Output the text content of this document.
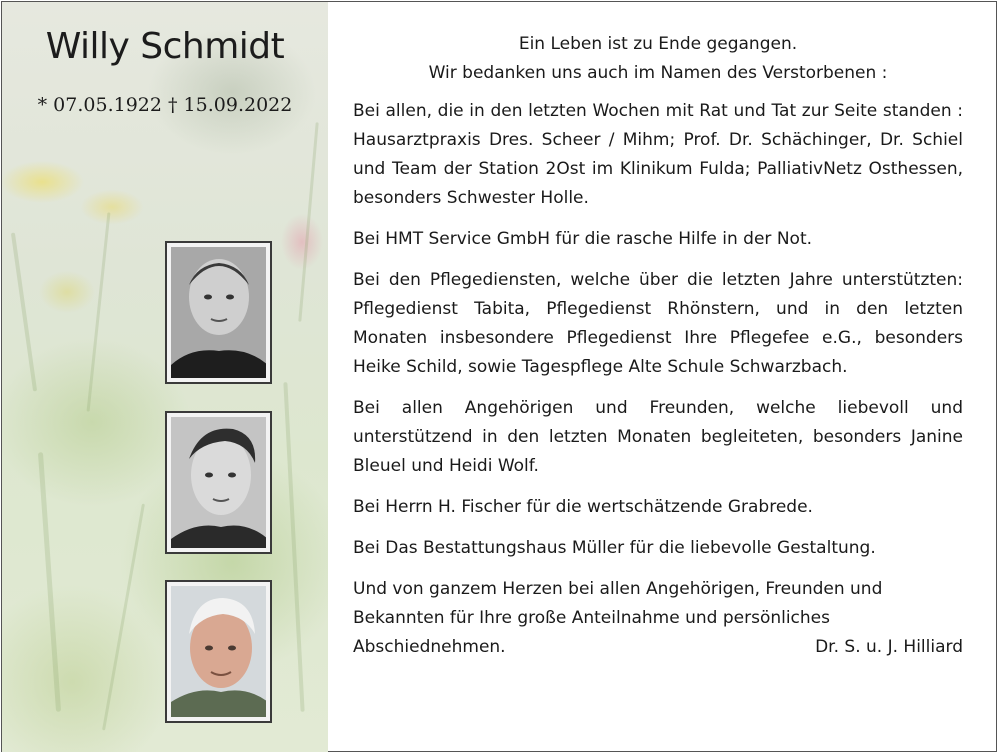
Willy Schmidt
* 07.05.1922 † 15.09.2022
Ein Leben ist zu Ende gegangen.
Wir bedanken uns auch im Namen des Verstorbenen :

Bei allen, die in den letzten Wochen mit Rat und Tat zur Seite standen : Hausarztpraxis Dres. Scheer / Mihm; Prof. Dr. Schächinger, Dr. Schiel und Team der Station 2Ost im Klinikum Fulda; PalliativNetz Osthessen, besonders Schwester Holle.

Bei HMT Service GmbH für die rasche Hilfe in der Not.

Bei den Pflegediensten, welche über die letzten Jahre unterstützten: Pflegedienst Tabita, Pflegedienst Rhönstern, und in den letzten Monaten insbesondere Pflegedienst Ihre Pflegefee e.G., besonders Heike Schild, sowie Tagespflege Alte Schule Schwarzbach.

Bei allen Angehörigen und Freunden, welche liebevoll und unterstützend in den letzten Monaten begleiteten, besonders Janine Bleuel und Heidi Wolf.

Bei Herrn H. Fischer für die wertschätzende Grabrede.

Bei Das Bestattungshaus Müller für die liebevolle Gestaltung.

Und von ganzem Herzen bei allen Angehörigen, Freunden und
Bekannten für Ihre große Anteilnahme und persönliches
Abschiednehmen.	Dr. S. u. J. Hilliard
